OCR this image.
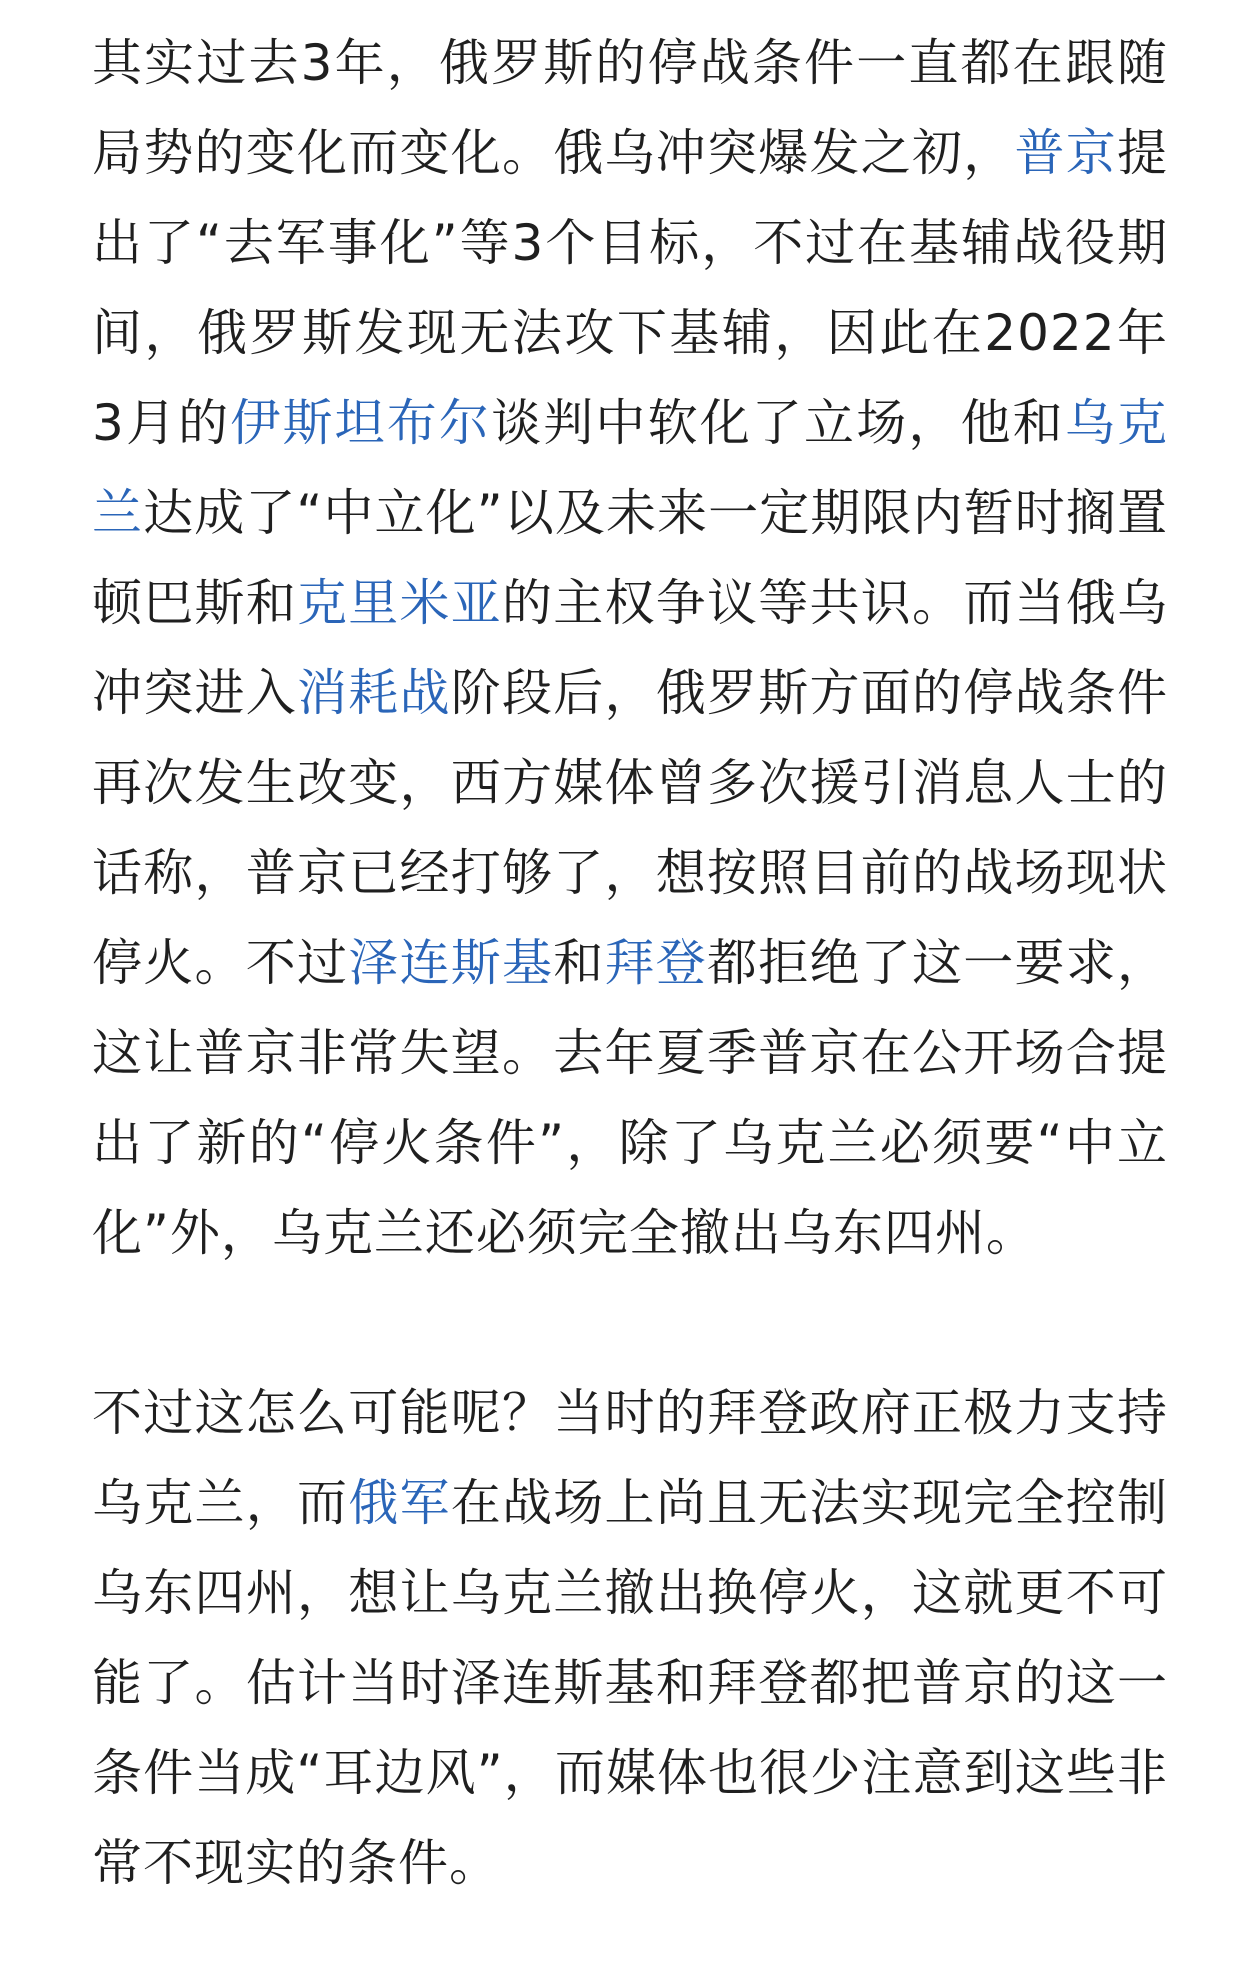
其实过去3年，俄罗斯的停战条件一直都在跟随局势的变化而变化。俄乌冲突爆发之初，普京提出了“去军事化”等3个目标，不过在基辅战役期间，俄罗斯发现无法攻下基辅，因此在2022年3月的伊斯坦布尔谈判中软化了立场，他和乌克兰达成了“中立化”以及未来一定期限内暂时搁置顿巴斯和克里米亚的主权争议等共识。而当俄乌冲突进入消耗战阶段后，俄罗斯方面的停战条件再次发生改变，西方媒体曾多次援引消息人士的话称，普京已经打够了，想按照目前的战场现状停火。不过泽连斯基和拜登都拒绝了这一要求，这让普京非常失望。去年夏季普京在公开场合提出了新的“停火条件”，除了乌克兰必须要“中立化”外，乌克兰还必须完全撤出乌东四州。

不过这怎么可能呢？当时的拜登政府正极力支持乌克兰，而俄军在战场上尚且无法实现完全控制乌东四州，想让乌克兰撤出换停火，这就更不可能了。估计当时泽连斯基和拜登都把普京的这一条件当成“耳边风”，而媒体也很少注意到这些非常不现实的条件。
